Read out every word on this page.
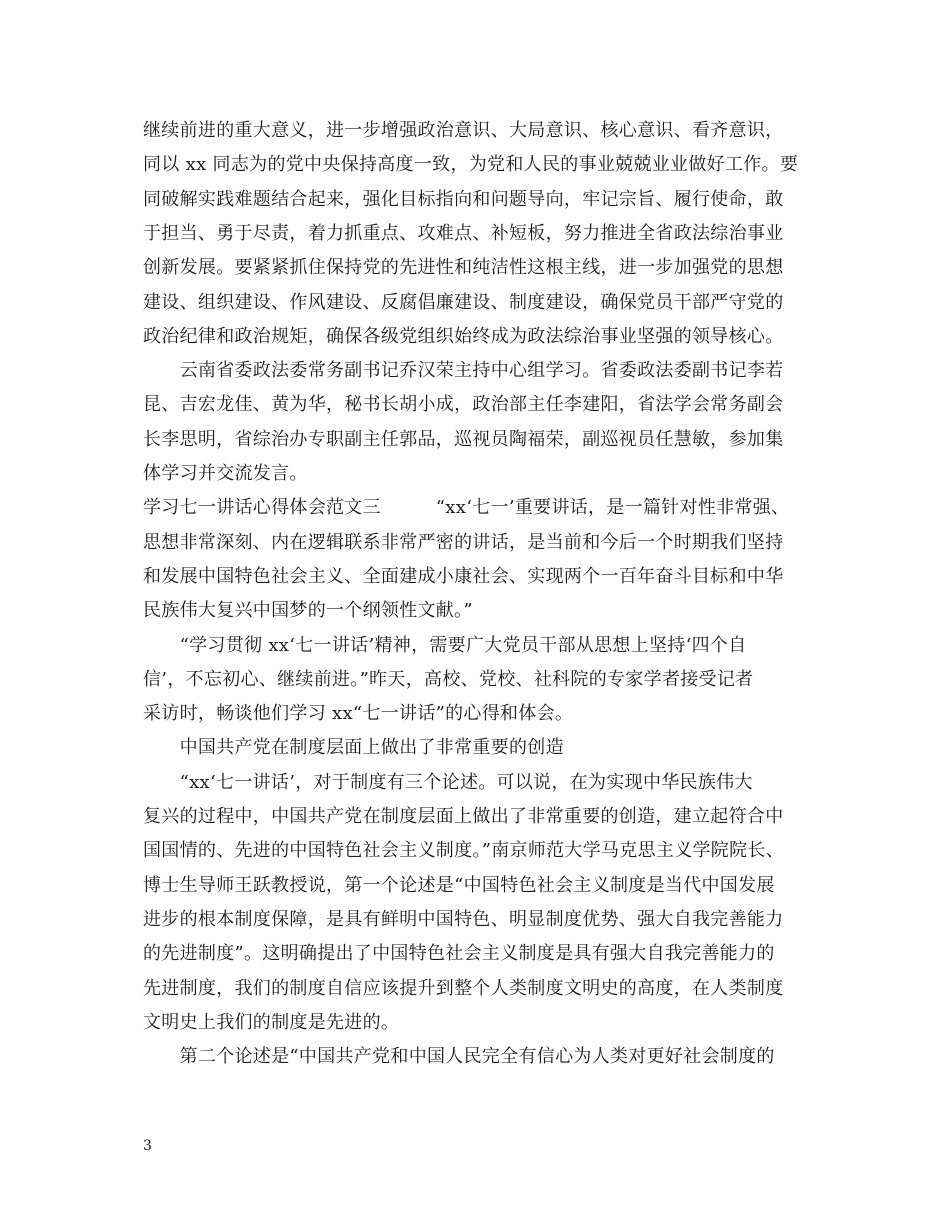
继续前进的重大意义，进一步增强政治意识、大局意识、核心意识、看齐意识，
同以 xx 同志为的党中央保持高度一致，为党和人民的事业兢兢业业做好工作。要
同破解实践难题结合起来，强化目标指向和问题导向，牢记宗旨、履行使命，敢
于担当、勇于尽责，着力抓重点、攻难点、补短板，努力推进全省政法综治事业
创新发展。要紧紧抓住保持党的先进性和纯洁性这根主线，进一步加强党的思想
建设、组织建设、作风建设、反腐倡廉建设、制度建设，确保党员干部严守党的
政治纪律和政治规矩，确保各级党组织始终成为政法综治事业坚强的领导核心。
　　云南省委政法委常务副书记乔汉荣主持中心组学习。省委政法委副书记李若
昆、吉宏龙佳、黄为华，秘书长胡小成，政治部主任李建阳，省法学会常务副会
长李思明，省综治办专职副主任郭品，巡视员陶福荣，副巡视员任慧敏，参加集
体学习并交流发言。
学习七一讲话心得体会范文三　　　“xx‘七一’重要讲话，是一篇针对性非常强、
思想非常深刻、内在逻辑联系非常严密的讲话，是当前和今后一个时期我们坚持
和发展中国特色社会主义、全面建成小康社会、实现两个一百年奋斗目标和中华
民族伟大复兴中国梦的一个纲领性文献。”
　　“学习贯彻 xx‘七一讲话’精神，需要广大党员干部从思想上坚持‘四个自
信’，不忘初心、继续前进。”昨天，高校、党校、社科院的专家学者接受记者
采访时，畅谈他们学习 xx“七一讲话”的心得和体会。
　　中国共产党在制度层面上做出了非常重要的创造
　　“xx‘七一讲话’，对于制度有三个论述。可以说，在为实现中华民族伟大
复兴的过程中，中国共产党在制度层面上做出了非常重要的创造，建立起符合中
国国情的、先进的中国特色社会主义制度。”南京师范大学马克思主义学院院长、
博士生导师王跃教授说，第一个论述是“中国特色社会主义制度是当代中国发展
进步的根本制度保障，是具有鲜明中国特色、明显制度优势、强大自我完善能力
的先进制度”。这明确提出了中国特色社会主义制度是具有强大自我完善能力的
先进制度，我们的制度自信应该提升到整个人类制度文明史的高度，在人类制度
文明史上我们的制度是先进的。
　　第二个论述是“中国共产党和中国人民完全有信心为人类对更好社会制度的
3
